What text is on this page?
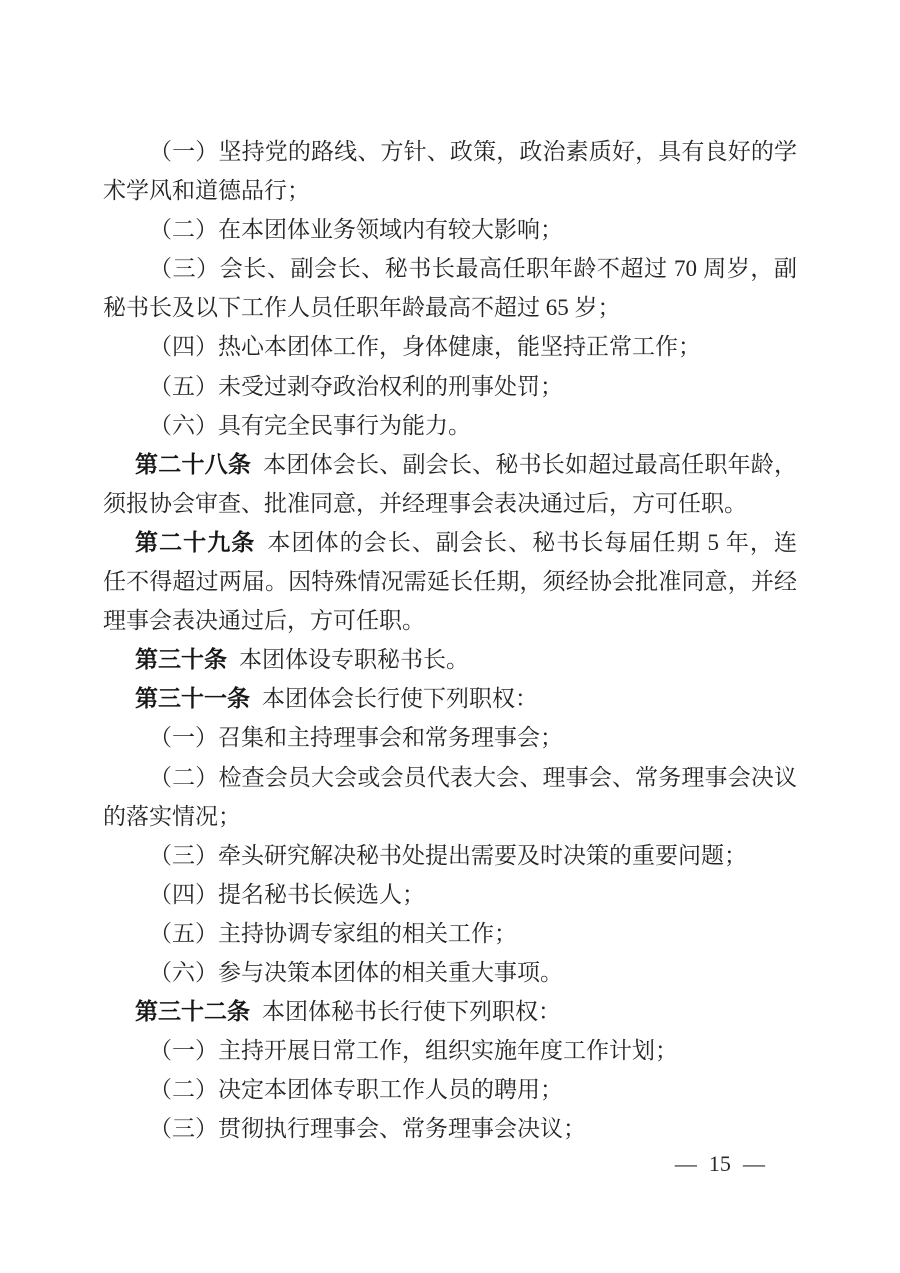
（一）坚持党的路线、方针、政策，政治素质好，具有良好的学
术学风和道德品行；
（二）在本团体业务领域内有较大影响；
（三）会长、副会长、秘书长最高任职年龄不超过 70 周岁，副
秘书长及以下工作人员任职年龄最高不超过 65 岁；
（四）热心本团体工作，身体健康，能坚持正常工作；
（五）未受过剥夺政治权利的刑事处罚；
（六）具有完全民事行为能力。
第二十八条 本团体会长、副会长、秘书长如超过最高任职年龄，
须报协会审查、批准同意，并经理事会表决通过后，方可任职。
第二十九条 本团体的会长、副会长、秘书长每届任期 5 年，连
任不得超过两届。因特殊情况需延长任期，须经协会批准同意，并经
理事会表决通过后，方可任职。
第三十条 本团体设专职秘书长。
第三十一条 本团体会长行使下列职权：
（一）召集和主持理事会和常务理事会；
（二）检查会员大会或会员代表大会、理事会、常务理事会决议
的落实情况；
（三）牵头研究解决秘书处提出需要及时决策的重要问题；
（四）提名秘书长候选人；
（五）主持协调专家组的相关工作；
（六）参与决策本团体的相关重大事项。
第三十二条 本团体秘书长行使下列职权：
（一）主持开展日常工作，组织实施年度工作计划；
（二）决定本团体专职工作人员的聘用；
（三）贯彻执行理事会、常务理事会决议；
— 15 —
